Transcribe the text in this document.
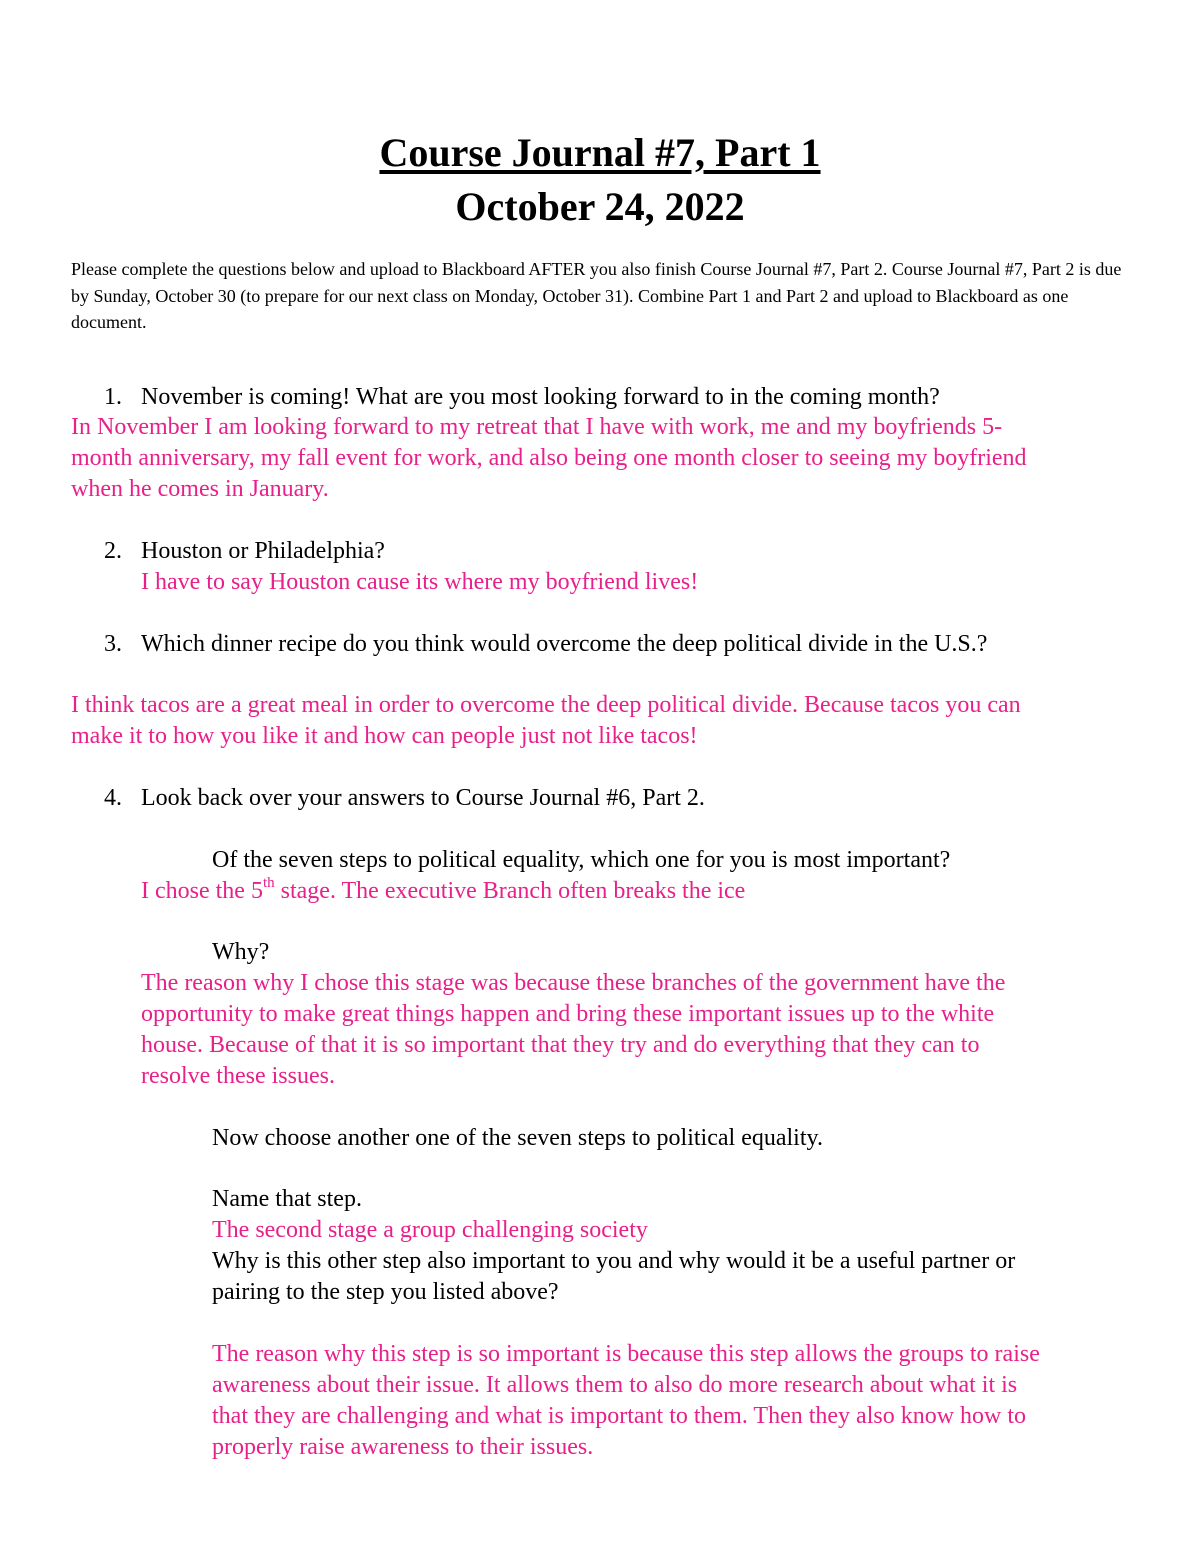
Course Journal #7, Part 1
October 24, 2022
Please complete the questions below and upload to Blackboard AFTER you also finish Course Journal #7, Part 2. Course Journal #7, Part 2 is due by Sunday, October 30 (to prepare for our next class on Monday, October 31). Combine Part 1 and Part 2 and upload to Blackboard as one document.
1. November is coming! What are you most looking forward to in the coming month?
In November I am looking forward to my retreat that I have with work, me and my boyfriends 5-
month anniversary, my fall event for work, and also being one month closer to seeing my boyfriend
when he comes in January.
2. Houston or Philadelphia?
I have to say Houston cause its where my boyfriend lives!
3. Which dinner recipe do you think would overcome the deep political divide in the U.S.?
I think tacos are a great meal in order to overcome the deep political divide. Because tacos you can
make it to how you like it and how can people just not like tacos!
4. Look back over your answers to Course Journal #6, Part 2.
Of the seven steps to political equality, which one for you is most important?
I chose the 5th stage. The executive Branch often breaks the ice
Why?
The reason why I chose this stage was because these branches of the government have the
opportunity to make great things happen and bring these important issues up to the white
house. Because of that it is so important that they try and do everything that they can to
resolve these issues.
Now choose another one of the seven steps to political equality.
Name that step.
The second stage a group challenging society
Why is this other step also important to you and why would it be a useful partner or
pairing to the step you listed above?
The reason why this step is so important is because this step allows the groups to raise
awareness about their issue. It allows them to also do more research about what it is
that they are challenging and what is important to them. Then they also know how to
properly raise awareness to their issues.
